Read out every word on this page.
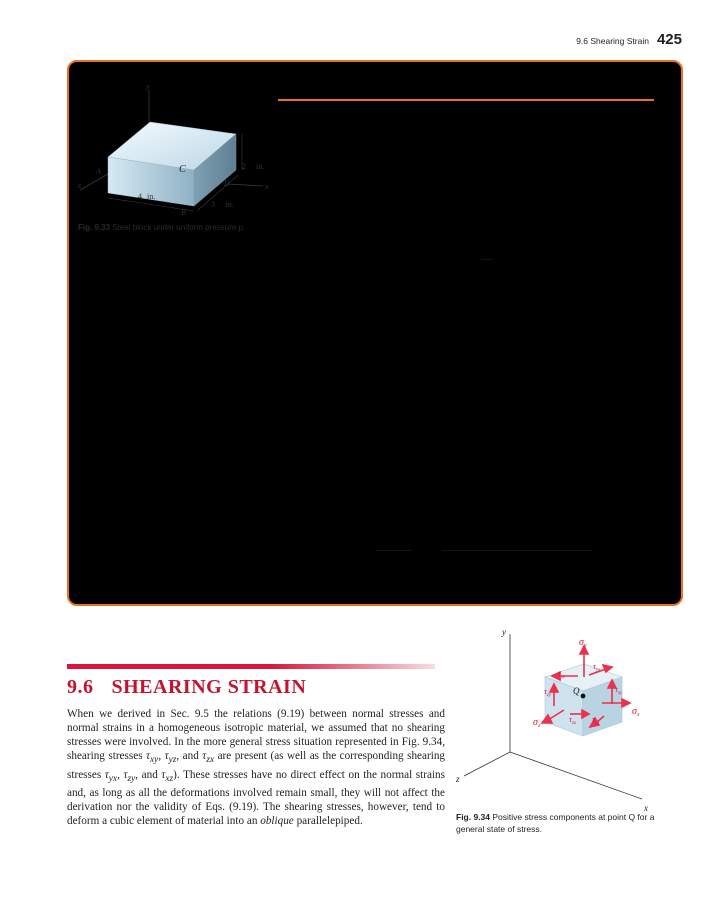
9.6 Shearing Strain 425
y
x
z
C
A
B
D
2 in.
4 in.
3 in.
Fig. 9.33 Steel block under uniform pressure p.
9.6 SHEARING STRAIN

When we derived in Sec. 9.5 the relations (9.19) between normal stresses and normal strains in a homogeneous isotropic material, we assumed that no shearing stresses were involved. In the more general stress situation represented in Fig. 9.34, shearing stresses $\tau_{xy}$, $\tau_{yz}$, and $\tau_{zx}$ are present (as well as the corresponding shearing stresses $\tau_{yx}$, $\tau_{zy}$, and $\tau_{xz}$). These stresses have no direct effect on the normal strains and, as long as all the deformations involved remain small, they will not affect the derivation nor the validity of Eqs. (9.19). The shearing stresses, however, tend to deform a cubic element of material into an oblique parallelepiped.

y
x
z
Q
$\sigma_y$
$\sigma_x$
$\sigma_z$
$\tau_{yx}$
$\tau_{yz}$
$\tau_{zy}$
$\tau_{xy}$
$\tau_{zx}$ $\tau_{xz}$
Fig. 9.34 Positive stress components at point Q for a general state of stress.
